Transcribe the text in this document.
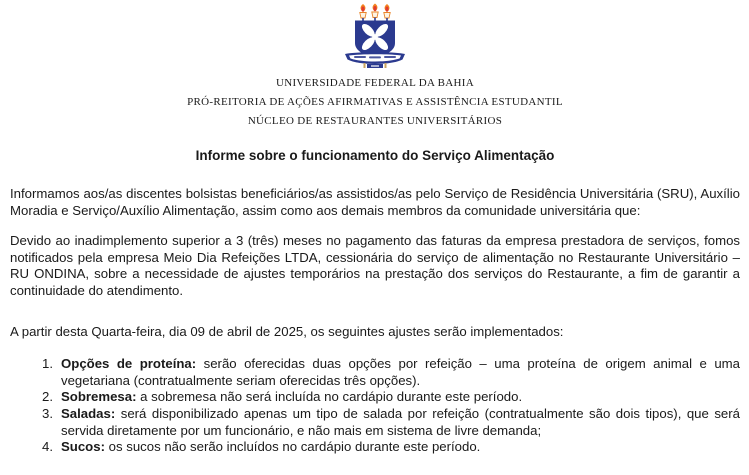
UNIVERSIDADE FEDERAL DA BAHIA
PRÓ-REITORIA DE AÇÕES AFIRMATIVAS E ASSISTÊNCIA ESTUDANTIL
NÚCLEO DE RESTAURANTES UNIVERSITÁRIOS
Informe sobre o funcionamento do Serviço Alimentação

Informamos aos/as discentes bolsistas beneficiários/as assistidos/as pelo Serviço de Residência Universitária (SRU), Auxílio Moradia e Serviço/Auxílio Alimentação, assim como aos demais membros da comunidade universitária que:

Devido ao inadimplemento superior a 3 (três) meses no pagamento das faturas da empresa prestadora de serviços, fomos notificados pela empresa Meio Dia Refeições LTDA, cessionária do serviço de alimentação no Restaurante Universitário – RU ONDINA, sobre a necessidade de ajustes temporários na prestação dos serviços do Restaurante, a fim de garantir a continuidade do atendimento.

A partir desta Quarta-feira, dia 09 de abril de 2025, os seguintes ajustes serão implementados:

1. Opções de proteína: serão oferecidas duas opções por refeição – uma proteína de origem animal e uma vegetariana (contratualmente seriam oferecidas três opções).
2. Sobremesa: a sobremesa não será incluída no cardápio durante este período.
3. Saladas: será disponibilizado apenas um tipo de salada por refeição (contratualmente são dois tipos), que será servida diretamente por um funcionário, e não mais em sistema de livre demanda;
4. Sucos: os sucos não serão incluídos no cardápio durante este período.
